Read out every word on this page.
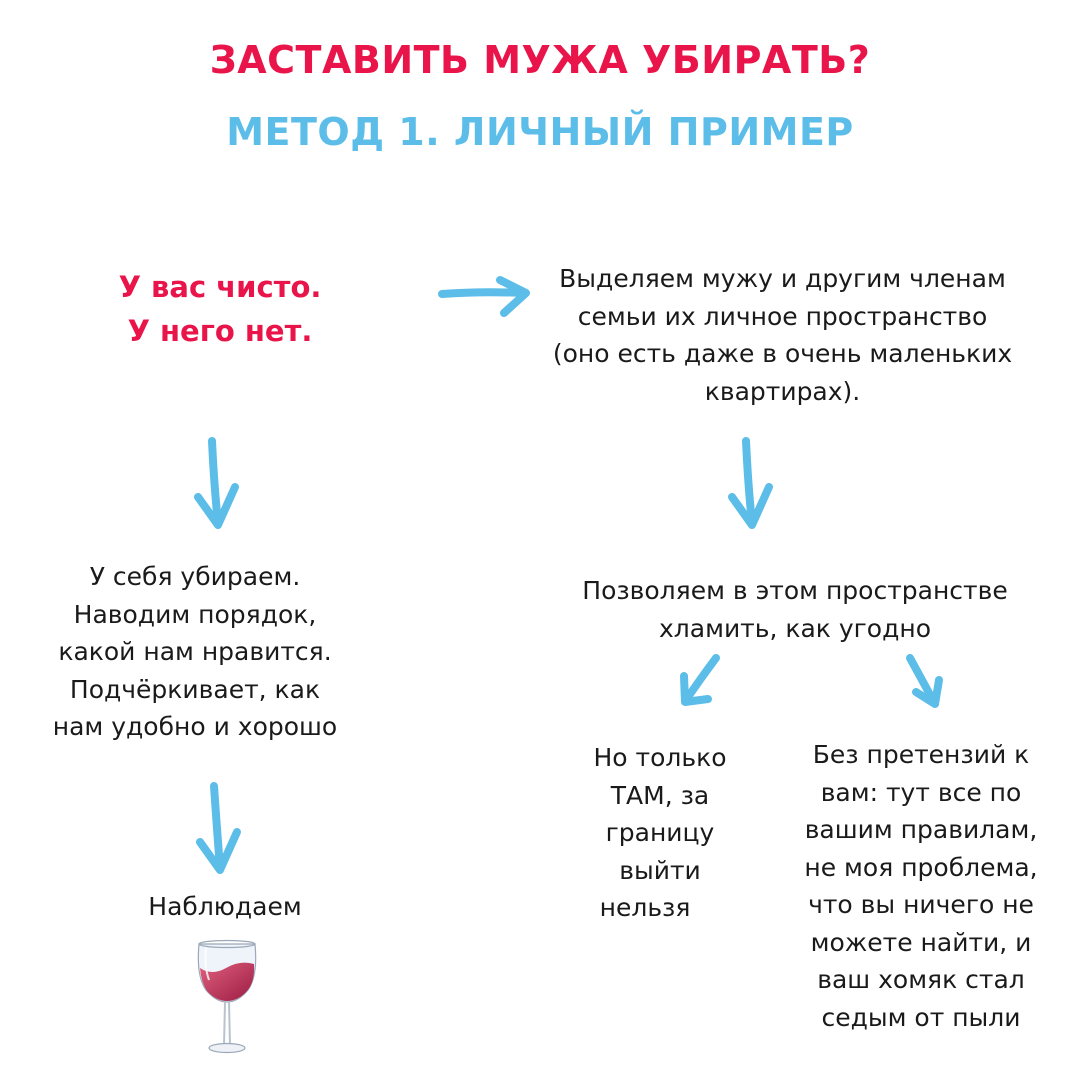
ЗАСТАВИТЬ МУЖА УБИРАТЬ?
МЕТОД 1. ЛИЧНЫЙ ПРИМЕР
У вас чисто.
У него нет.
Выделяем мужу и другим членам
семьи их личное пространство
(оно есть даже в очень маленьких
квартирах).
У себя убираем.
Наводим порядок,
какой нам нравится.
Подчёркивает, как
нам удобно и хорошо
Позволяем в этом пространстве
хламить, как угодно
Но только
ТАМ, за
границу
выйти
нельзя
Без претензий к
вам: тут все по
вашим правилам,
не моя проблема,
что вы ничего не
можете найти, и
ваш хомяк стал
седым от пыли
Наблюдаем
